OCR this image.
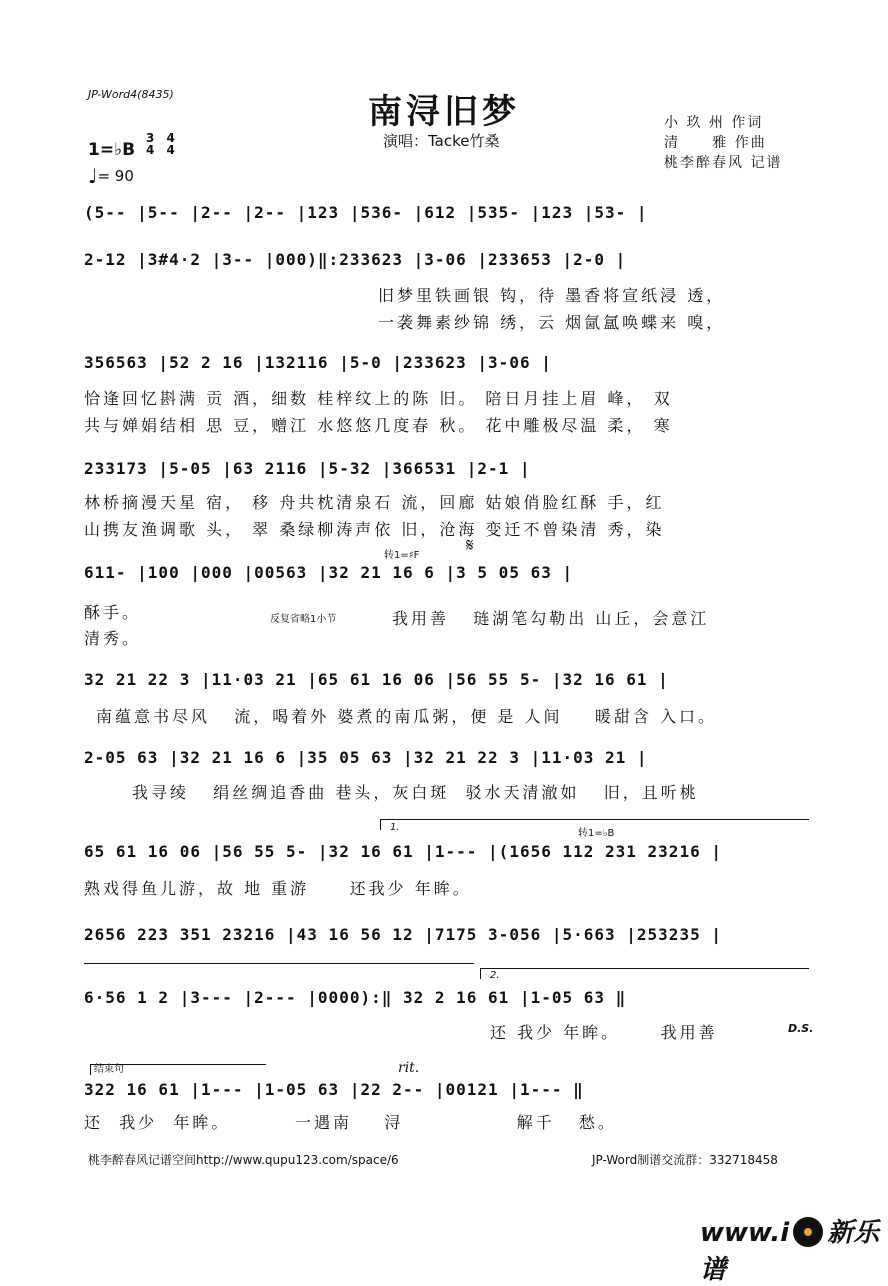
JP-Word4(8435)	南浔旧梦
演唱：Tacke竹桑
小 玖 州 作词
清     雅 作曲
桃李醉春风 记谱
1=♭B
3
4

4
4
♩= 90
(5-- |5-- |2-- |2-- |123 |536- |612 |535- |123 |53- |
2-12 |3#4·2 |3-- |000)‖:233623 |3-06 |233653 |2-0 |
旧梦里铁画银 钩，待 墨香将宣纸浸 透，
一袭舞素纱锦 绣，云 烟氤氲唤蝶来 嗅，
356563 |52 2 16 |132116 |5-0 |233623 |3-06 |
恰逢回忆斟满 贡 酒，细数 桂梓纹上的陈 旧。 陪日月挂上眉 峰， 双
共与婵娟结相 思 豆，赠江 水悠悠几度春 秋。 花中雕极尽温 柔， 寒
233173 |5-05 |63 2116 |5-32 |366531 |2-1 |
林桥摘漫天星 宿， 移 舟共枕清泉石 流，回廊 姑娘俏脸红酥 手，红
山携友渔调歌 头， 翠 桑绿柳涛声依 旧，沧海 变迁不曾染清 秀，染
转1=♯F	𝄋
611- |100 |000 |00563 |32 21 16 6 |3 5 05 63 |
酥手。
清秀。
反复省略1小节	我用善   琏湖笔勾勒出 山丘，会意江
32 21 22 3 |11·03 21 |65 61 16 06 |56 55 5- |32 16 61 |
南蕴意书尽风   流，喝着外 婆煮的南瓜粥，便 是 人间    暖甜含 入口。
2-05 63 |32 21 16 6 |35 05 63 |32 21 22 3 |11·03 21 |
我寻绫   绢丝绸追香曲 巷头，灰白斑  驳水天清澈如   旧，且听桃
1.
转1=♭B
65 61 16 06 |56 55 5- |32 16 61 |1--- |(1656 112 231 23216 |
熟戏得鱼儿游，故 地 重游     还我少 年眸。
2656 223 351 23216 |43 16 56 12 |7175 3-056 |5·663 |253235 |
2.
6·56 1 2 |3--- |2--- |0000):‖ 32 2 16 61 |1-05 63 ‖
还 我少 年眸。     我用善	D.S.
结束句	rit.
322 16 61 |1--- |1-05 63 |22 2-- |00121 |1--- ‖
还  我少  年眸。        一遇南    浔              解千   愁。
桃李醉春风记谱空间http://www.qupu123.com/space/6	JP-Word制谱交流群：332718458
www.i 新乐谱
